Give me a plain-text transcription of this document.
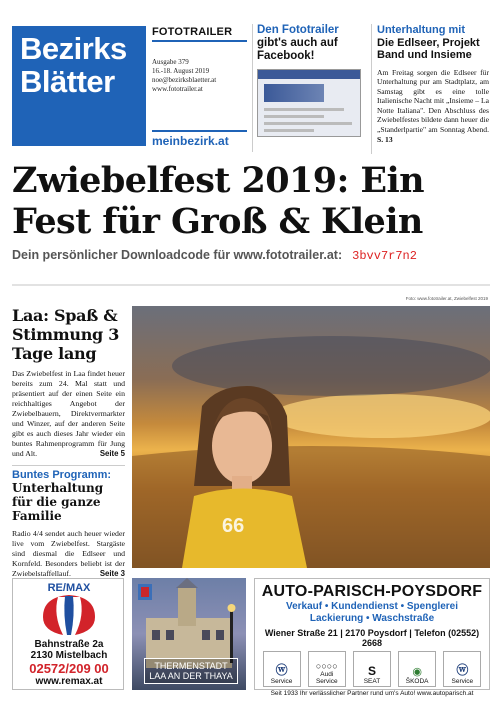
Bezirks
Blätter
FOTOTRAILER
Ausgabe 379
16.-18. August 2019
noe@bezirksblaetter.at
www.fototrailer.at
meinbezirk.at
Den Fototrailer
gibt's auch auf Facebook!
Unterhaltung mit
Die Edlseer, Projekt Band und Insieme

Am Freitag sorgen die Edlseer für Unterhaltung pur am Stadtplatz, am Samstag gibt es eine tolle Italienische Nacht mit „Insieme – La Notte Italiana". Den Abschluss des Zwiebelfestes bildete dann heuer die „Standerlpartie" am Sonntag Abend. S. 13

Zwiebelfest 2019: Ein
Fest für Groß & Klein
Dein persönlicher Downloadcode für www.fototrailer.at: 3bvv7r7n2
Foto: www.fototrailer.at, Zwiebelfest 2019
Laa: Spaß & Stimmung 3 Tage lang

Das Zwiebelfest in Laa findet heuer bereits zum 24. Mal statt und präsentiert auf der einen Seite ein reichhaltiges Angebot der Zwiebelbauern, Direktvermarkter und Winzer, auf der anderen Seite gibt es auch dieses Jahr wieder ein buntes Rahmenprogramm für Jung und Alt.	Seite 5

Buntes Programm:
Unterhaltung für die ganze Familie

Radio 4/4 sendet auch heuer wieder live vom Zwiebelfest. Stargäste sind diesmal die Edlseer und Kornfeld. Besonders beliebt ist der Zwiebelstaffellauf.	Seite 3

66
RE/MAX
Bahnstraße 2a
2130 Mistelbach
02572/209 00
www.remax.at
THERMENSTADT
LAA AN DER THAYA
AUTO-PARISCH-POYSDORF
Verkauf • Kundendienst • Spenglerei
Lackierung • Waschstraße
Wiener Straße 21 | 2170 Poysdorf | Telefon (02552) 2668
ⓦ
Service
○○○○
Audi Service
S
SEAT
◉
ŠKODA
ⓦ
Service
Seit 1933 Ihr verlässlicher Partner rund um's Auto! www.autoparisch.at
